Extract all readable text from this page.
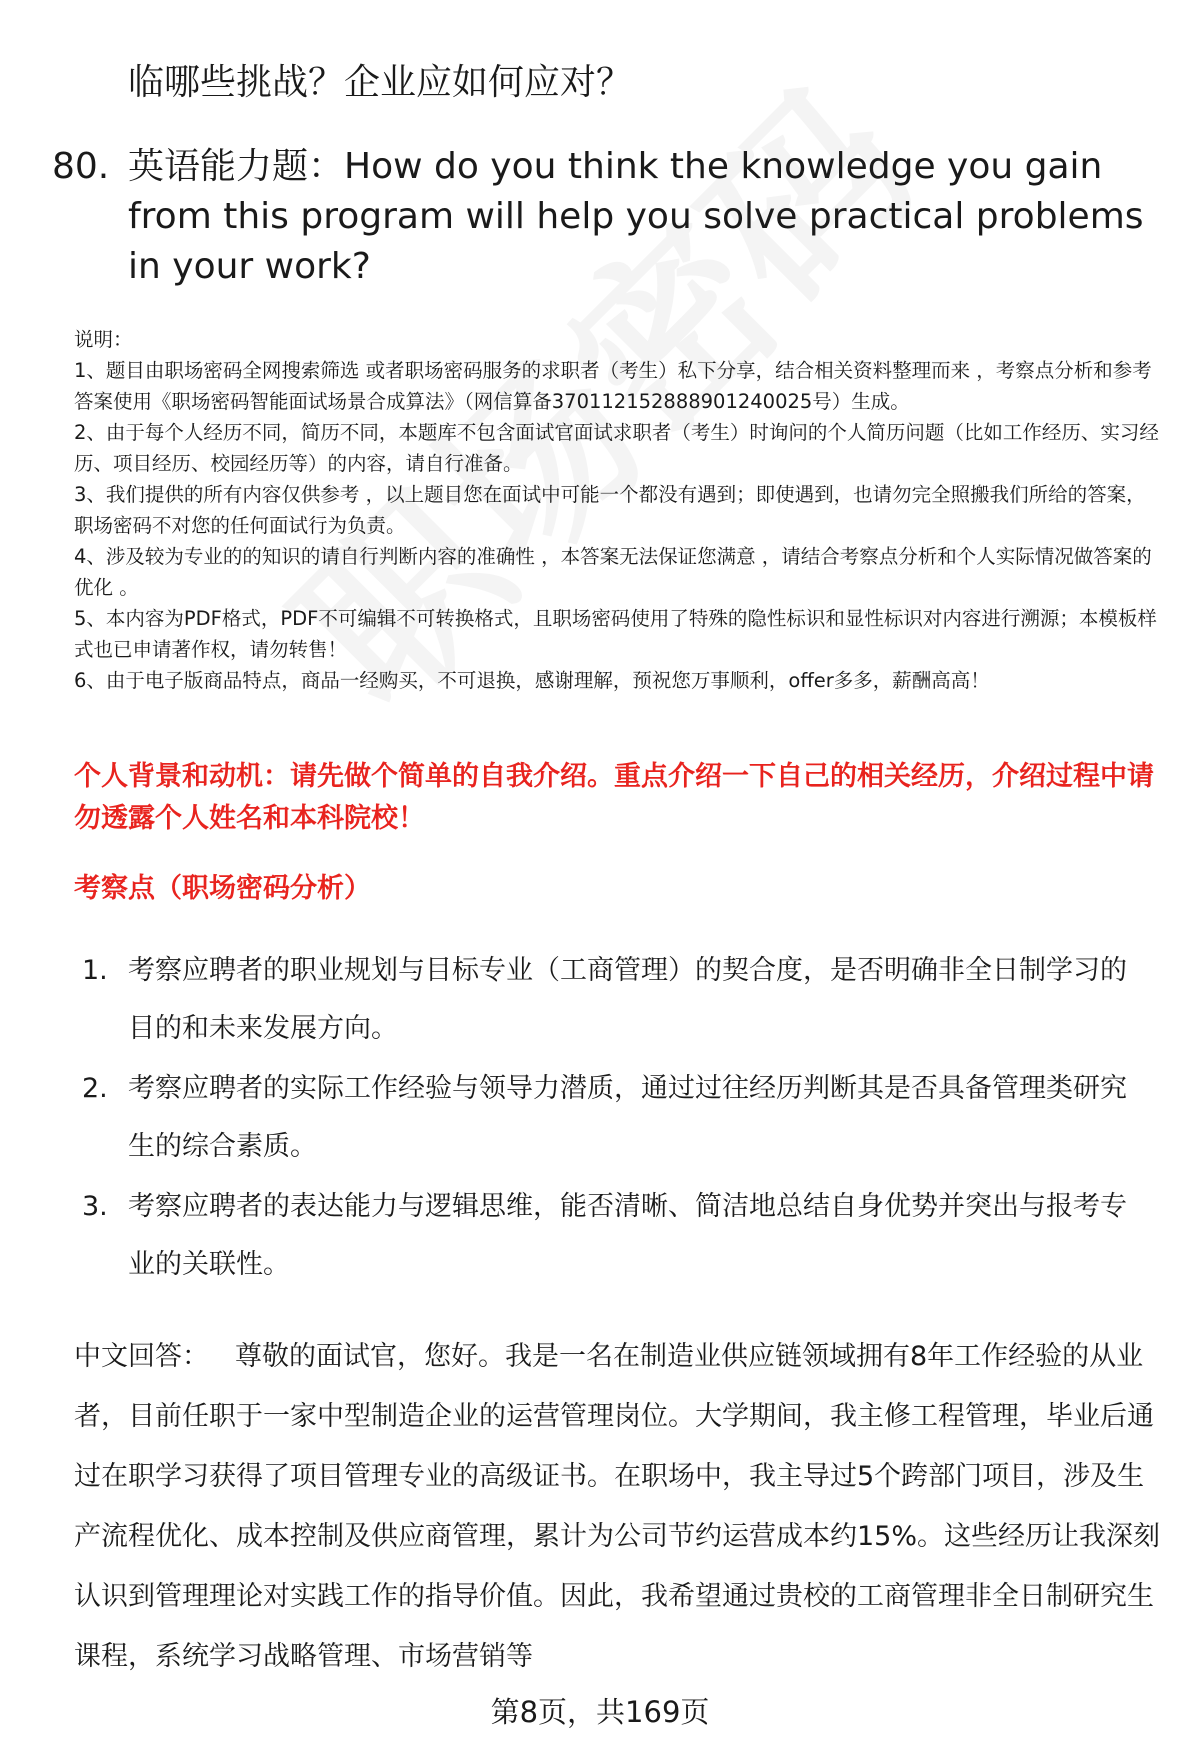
临哪些挑战？企业应如何应对？
80. 英语能力题：How do you think the knowledge you gain from this program will help you solve practical problems in your work?
说明：
1、题目由职场密码全网搜索筛选 或者职场密码服务的求职者（考生）私下分享，结合相关资料整理而来 ，考察点分析和参考答案使用《职场密码智能面试场景合成算法》（网信算备370112152888901240025号）生成。
2、由于每个人经历不同，简历不同，本题库不包含面试官面试求职者（考生）时询问的个人简历问题（比如工作经历、实习经历、项目经历、校园经历等）的内容，请自行准备。
3、我们提供的所有内容仅供参考 ，以上题目您在面试中可能一个都没有遇到；即使遇到，也请勿完全照搬我们所给的答案，职场密码不对您的任何面试行为负责。
4、涉及较为专业的的知识的请自行判断内容的准确性 ，本答案无法保证您满意 ，请结合考察点分析和个人实际情况做答案的优化 。
5、本内容为PDF格式，PDF不可编辑不可转换格式，且职场密码使用了特殊的隐性标识和显性标识对内容进行溯源；本模板样式也已申请著作权，请勿转售！
6、由于电子版商品特点，商品一经购买，不可退换，感谢理解，预祝您万事顺利，offer多多，薪酬高高！
个人背景和动机：请先做个简单的自我介绍。重点介绍一下自己的相关经历，介绍过程中请勿透露个人姓名和本科院校！
考察点（职场密码分析）
1. 考察应聘者的职业规划与目标专业（工商管理）的契合度，是否明确非全日制学习的目的和未来发展方向。
2. 考察应聘者的实际工作经验与领导力潜质，通过过往经历判断其是否具备管理类研究生的综合素质。
3. 考察应聘者的表达能力与逻辑思维，能否清晰、简洁地总结自身优势并突出与报考专业的关联性。
中文回答： 尊敬的面试官，您好。我是一名在制造业供应链领域拥有8年工作经验的从业者，目前任职于一家中型制造企业的运营管理岗位。大学期间，我主修工程管理，毕业后通过在职学习获得了项目管理专业的高级证书。在职场中，我主导过5个跨部门项目，涉及生产流程优化、成本控制及供应商管理，累计为公司节约运营成本约15%。这些经历让我深刻认识到管理理论对实践工作的指导价值。因此，我希望通过贵校的工商管理非全日制研究生课程，系统学习战略管理、市场营销等
第8页，共169页
